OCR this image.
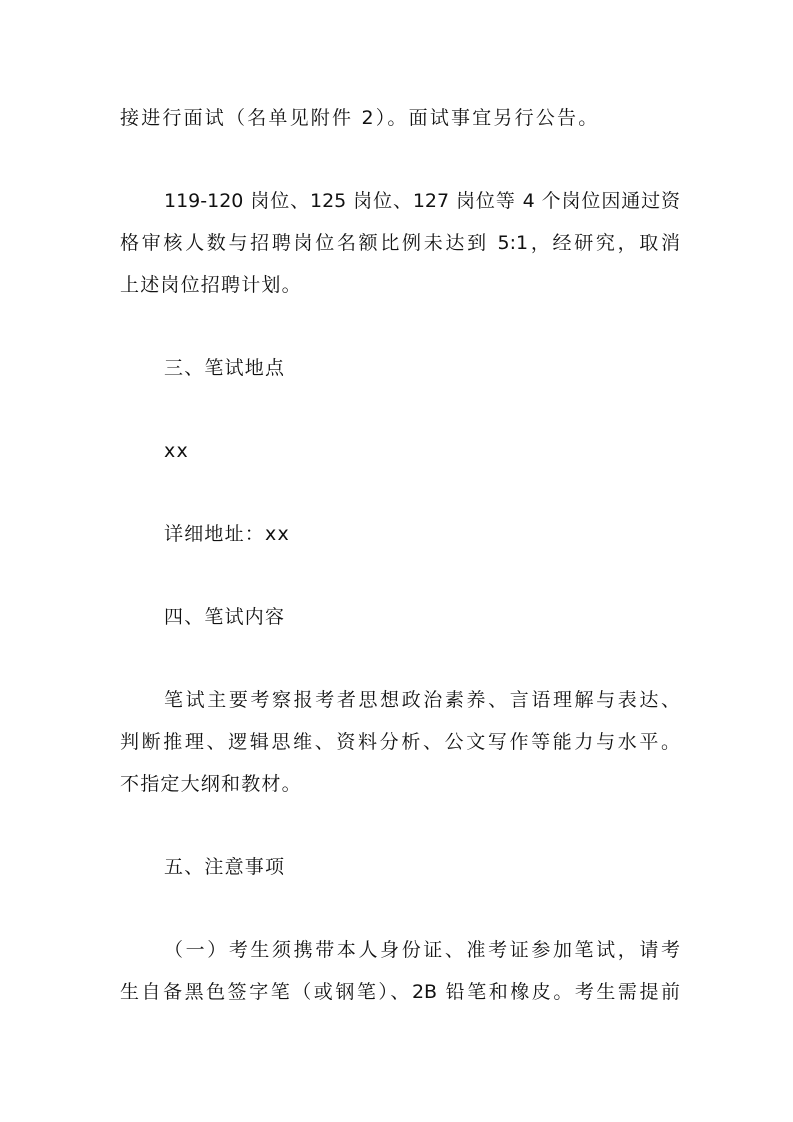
接进行面试（名单见附件 2）。面试事宜另行公告。
119-120 岗位、125 岗位、127 岗位等 4 个岗位因通过资
格审核人数与招聘岗位名额比例未达到 5:1，经研究，取消
上述岗位招聘计划。
三、笔试地点
xx
详细地址：xx
四、笔试内容
笔试主要考察报考者思想政治素养、言语理解与表达、
判断推理、逻辑思维、资料分析、公文写作等能力与水平。
不指定大纲和教材。
五、注意事项
（一）考生须携带本人身份证、准考证参加笔试，请考
生自备黑色签字笔（或钢笔）、2B 铅笔和橡皮。考生需提前
